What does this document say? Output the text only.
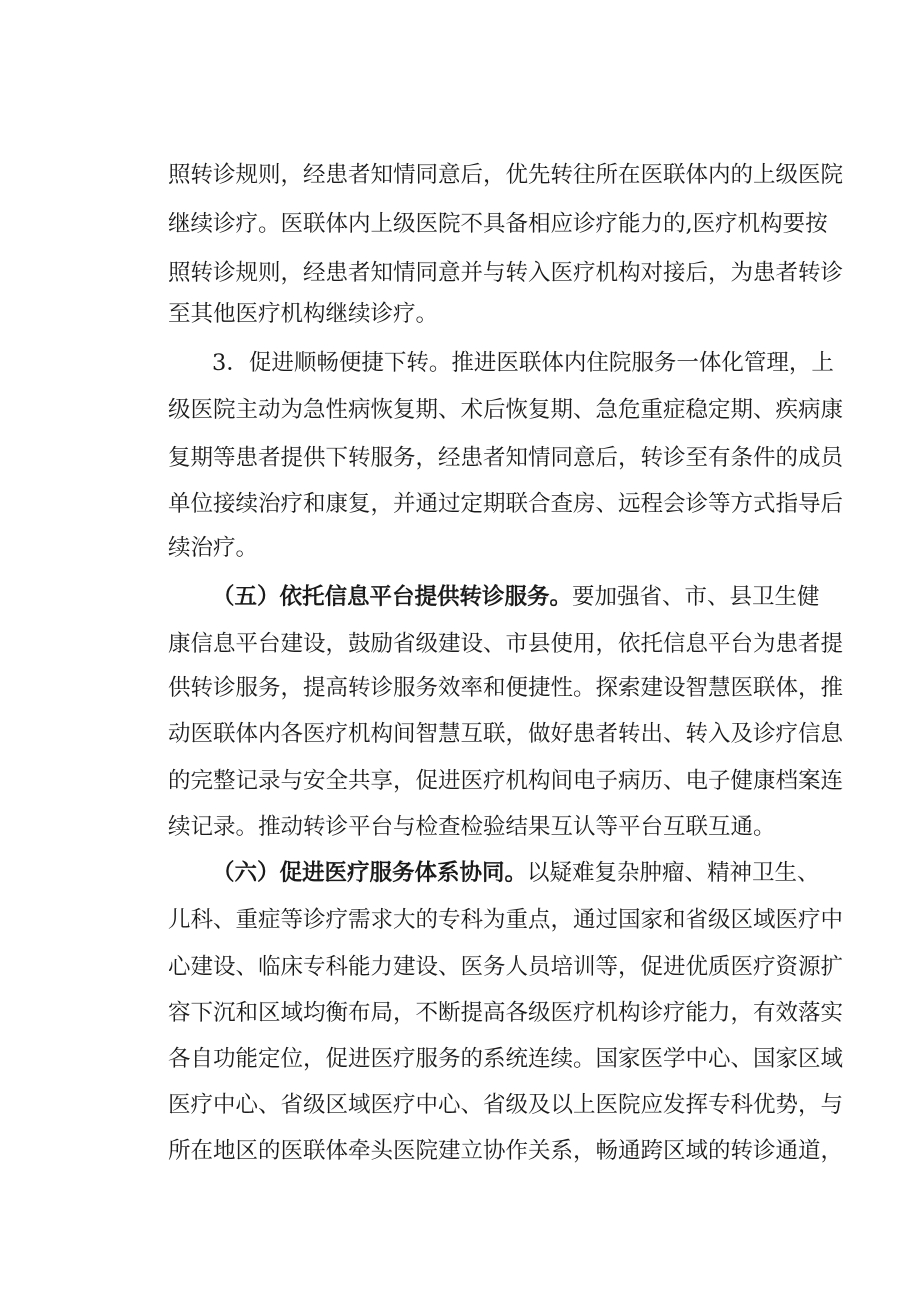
照转诊规则，经患者知情同意后，优先转往所在医联体内的上级医院
继续诊疗。医联体内上级医院不具备相应诊疗能力的,医疗机构要按
照转诊规则，经患者知情同意并与转入医疗机构对接后，为患者转诊
至其他医疗机构继续诊疗。
3．促进顺畅便捷下转。推进医联体内住院服务一体化管理，上
级医院主动为急性病恢复期、术后恢复期、急危重症稳定期、疾病康
复期等患者提供下转服务，经患者知情同意后，转诊至有条件的成员
单位接续治疗和康复，并通过定期联合查房、远程会诊等方式指导后
续治疗。
（五）依托信息平台提供转诊服务。要加强省、市、县卫生健
康信息平台建设，鼓励省级建设、市县使用，依托信息平台为患者提
供转诊服务，提高转诊服务效率和便捷性。探索建设智慧医联体，推
动医联体内各医疗机构间智慧互联，做好患者转出、转入及诊疗信息
的完整记录与安全共享，促进医疗机构间电子病历、电子健康档案连
续记录。推动转诊平台与检查检验结果互认等平台互联互通。
（六）促进医疗服务体系协同。以疑难复杂肿瘤、精神卫生、
儿科、重症等诊疗需求大的专科为重点，通过国家和省级区域医疗中
心建设、临床专科能力建设、医务人员培训等，促进优质医疗资源扩
容下沉和区域均衡布局，不断提高各级医疗机构诊疗能力，有效落实
各自功能定位，促进医疗服务的系统连续。国家医学中心、国家区域
医疗中心、省级区域医疗中心、省级及以上医院应发挥专科优势，与
所在地区的医联体牵头医院建立协作关系，畅通跨区域的转诊通道，
